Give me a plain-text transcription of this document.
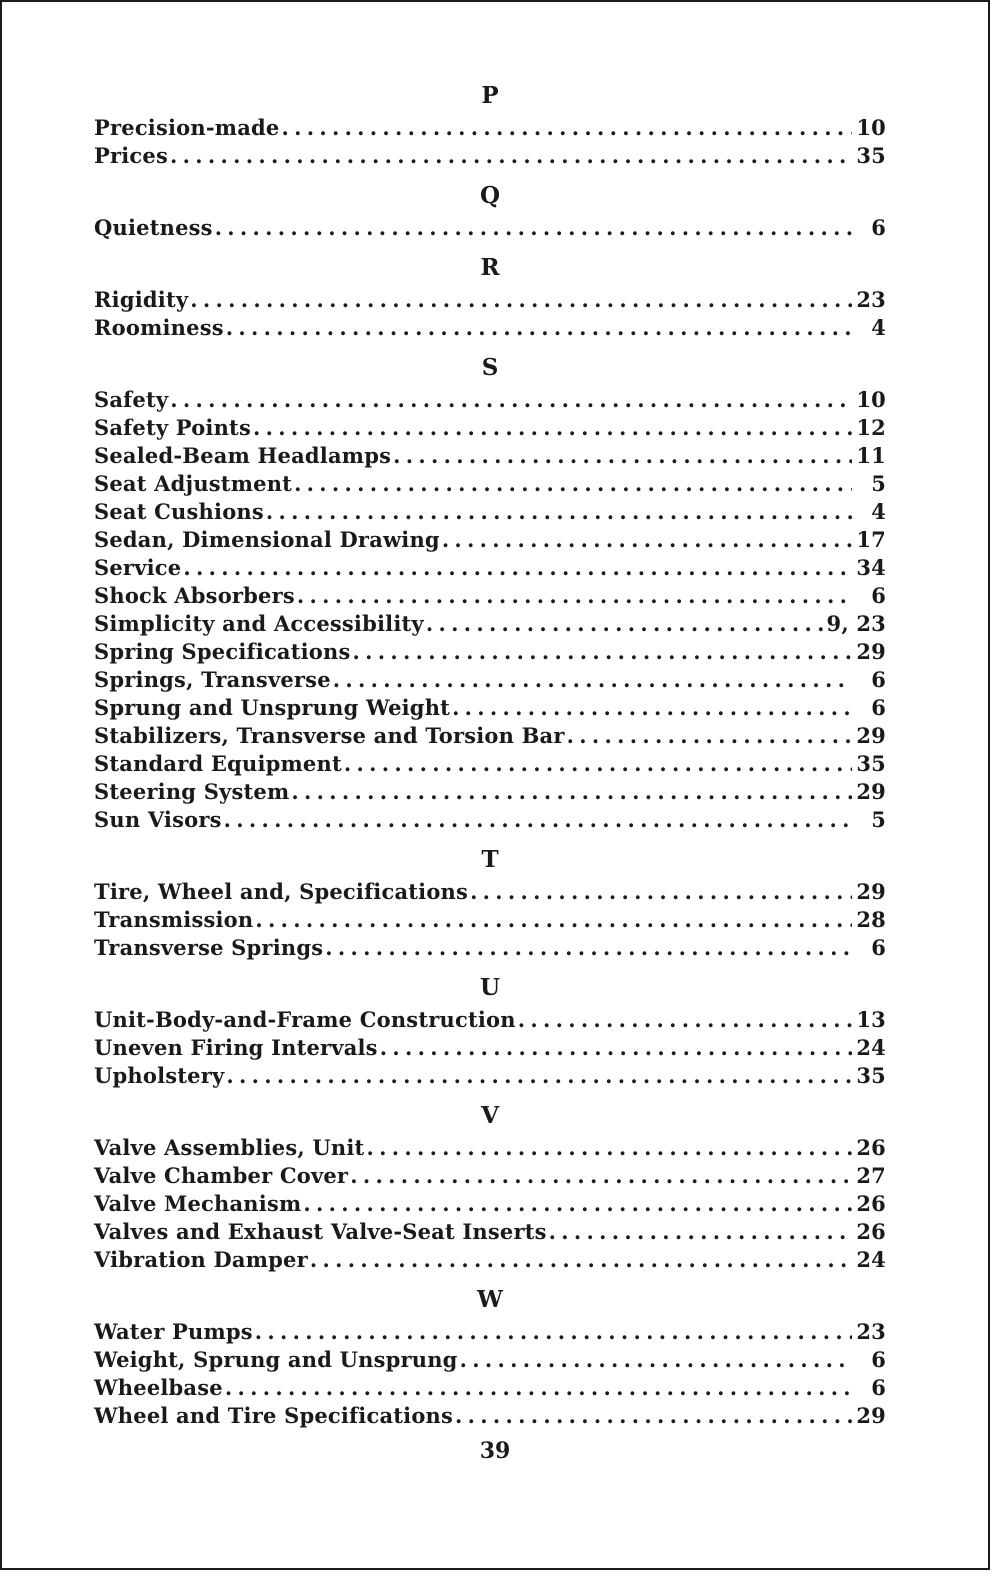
P
Precision-made . . .	10
Prices . . .	35
Q
Quietness . . .	6
R
Rigidity . . .	23
Roominess . . .	4
S
Safety . . .	10
Safety Points . . .	12
Sealed-Beam Headlamps . . .	11
Seat Adjustment . . .	5
Seat Cushions . . .	4
Sedan, Dimensional Drawing . . .	17
Service . . .	34
Shock Absorbers . . .	6
Simplicity and Accessibility . . .	9, 23
Spring Specifications . . .	29
Springs, Transverse . . .	6
Sprung and Unsprung Weight . . .	6
Stabilizers, Transverse and Torsion Bar . . .	29
Standard Equipment . . .	35
Steering System . . .	29
Sun Visors . . .	5
T
Tire, Wheel and, Specifications . . .	29
Transmission . . .	28
Transverse Springs . . .	6
U
Unit-Body-and-Frame Construction . . .	13
Uneven Firing Intervals . . .	24
Upholstery . . .	35
V
Valve Assemblies, Unit . . .	26
Valve Chamber Cover . . .	27
Valve Mechanism . . .	26
Valves and Exhaust Valve-Seat Inserts . . .	26
Vibration Damper . . .	24
W
Water Pumps . . .	23
Weight, Sprung and Unsprung . . .	6
Wheelbase . . .	6
Wheel and Tire Specifications . . .	29
39
